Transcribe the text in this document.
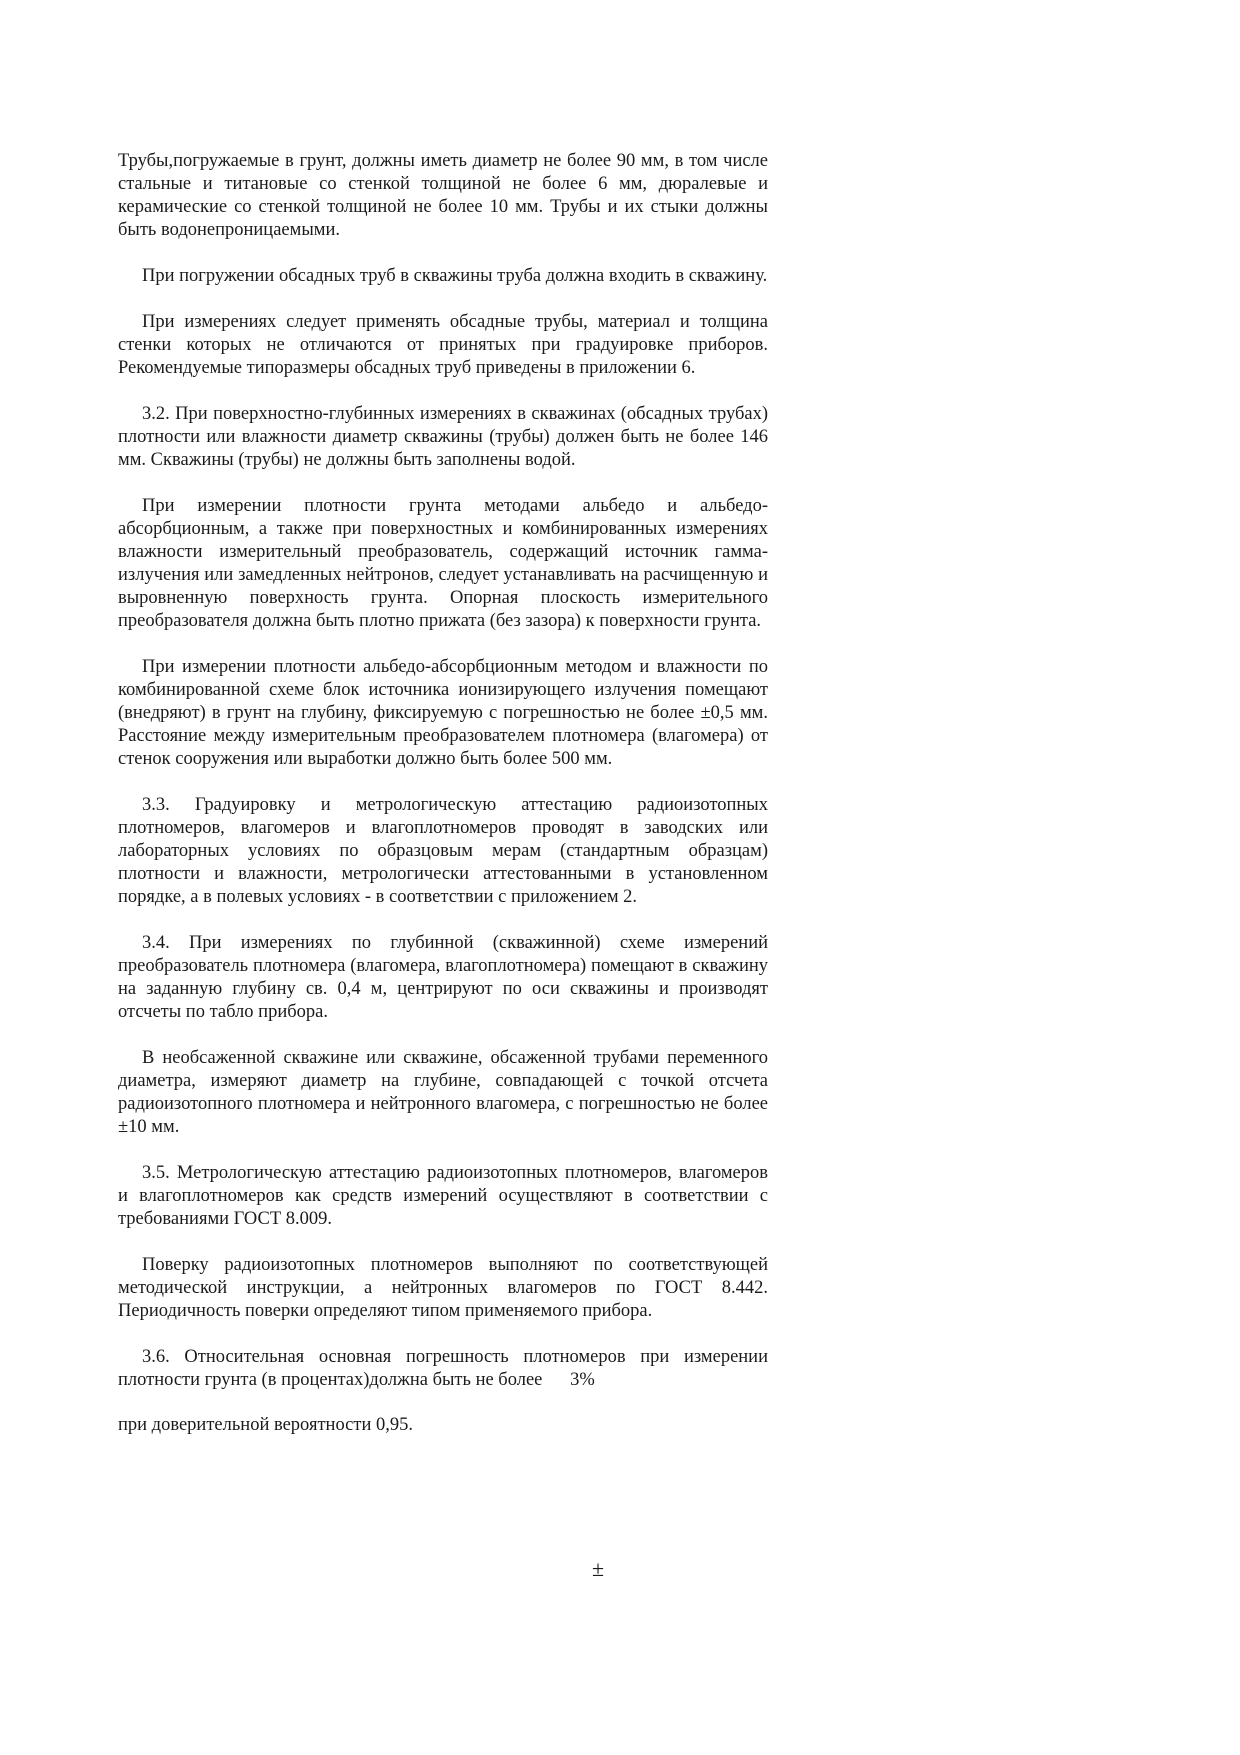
Трубы,погружаемые в грунт, должны иметь диаметр не более 90 мм, в том числе стальные и титановые со стенкой толщиной не более 6 мм, дюралевые и керамические со стенкой толщиной не более 10 мм. Трубы и их стыки должны быть водонепроницаемыми.

При погружении обсадных труб в скважины труба должна входить в скважину.

При измерениях следует применять обсадные трубы, материал и толщина стенки которых не отличаются от принятых при градуировке приборов. Рекомендуемые типоразмеры обсадных труб приведены в приложении 6.

3.2. При поверхностно-глубинных измерениях в скважинах (обсадных трубах) плотности или влажности диаметр скважины (трубы) должен быть не более 146 мм. Скважины (трубы) не должны быть заполнены водой.

При измерении плотности грунта методами альбедо и альбедо-абсорбционным, а также при поверхностных и комбинированных измерениях влажности измерительный преобразователь, содержащий источник гамма-излучения или замедленных нейтронов, следует устанавливать на расчищенную и выровненную поверхность грунта. Опорная плоскость измерительного преобразователя должна быть плотно прижата (без зазора) к поверхности грунта.

При измерении плотности альбедо-абсорбционным методом и влажности по комбинированной схеме блок источника ионизирующего излучения помещают (внедряют) в грунт на глубину, фиксируемую с погрешностью не более ±0,5 мм. Расстояние между измерительным преобразователем плотномера (влагомера) от стенок сооружения или выработки должно быть более 500 мм.

3.3. Градуировку и метрологическую аттестацию радиоизотопных плотномеров, влагомеров и влагоплотномеров проводят в заводских или лабораторных условиях по образцовым мерам (стандартным образцам) плотности и влажности, метрологически аттестованными в установленном порядке, а в полевых условиях - в соответствии с приложением 2.

3.4. При измерениях по глубинной (скважинной) схеме измерений преобразователь плотномера (влагомера, влагоплотномера) помещают в скважину на заданную глубину св. 0,4 м, центрируют по оси скважины и производят отсчеты по табло прибора.

В необсаженной скважине или скважине, обсаженной трубами переменного диаметра, измеряют диаметр на глубине, совпадающей с точкой отсчета радиоизотопного плотномера и нейтронного влагомера, с погрешностью не более ±10 мм.

3.5. Метрологическую аттестацию радиоизотопных плотномеров, влагомеров и влагоплотномеров как средств измерений осуществляют в соответствии с требованиями ГОСТ 8.009.

Поверку радиоизотопных плотномеров выполняют по соответствующей методической инструкции, а нейтронных влагомеров по ГОСТ 8.442. Периодичность поверки определяют типом применяемого прибора.

3.6. Относительная основная погрешность плотномеров при измерении плотности грунта (в процентах)должна быть не более      3%

при доверительной вероятности 0,95.

±
